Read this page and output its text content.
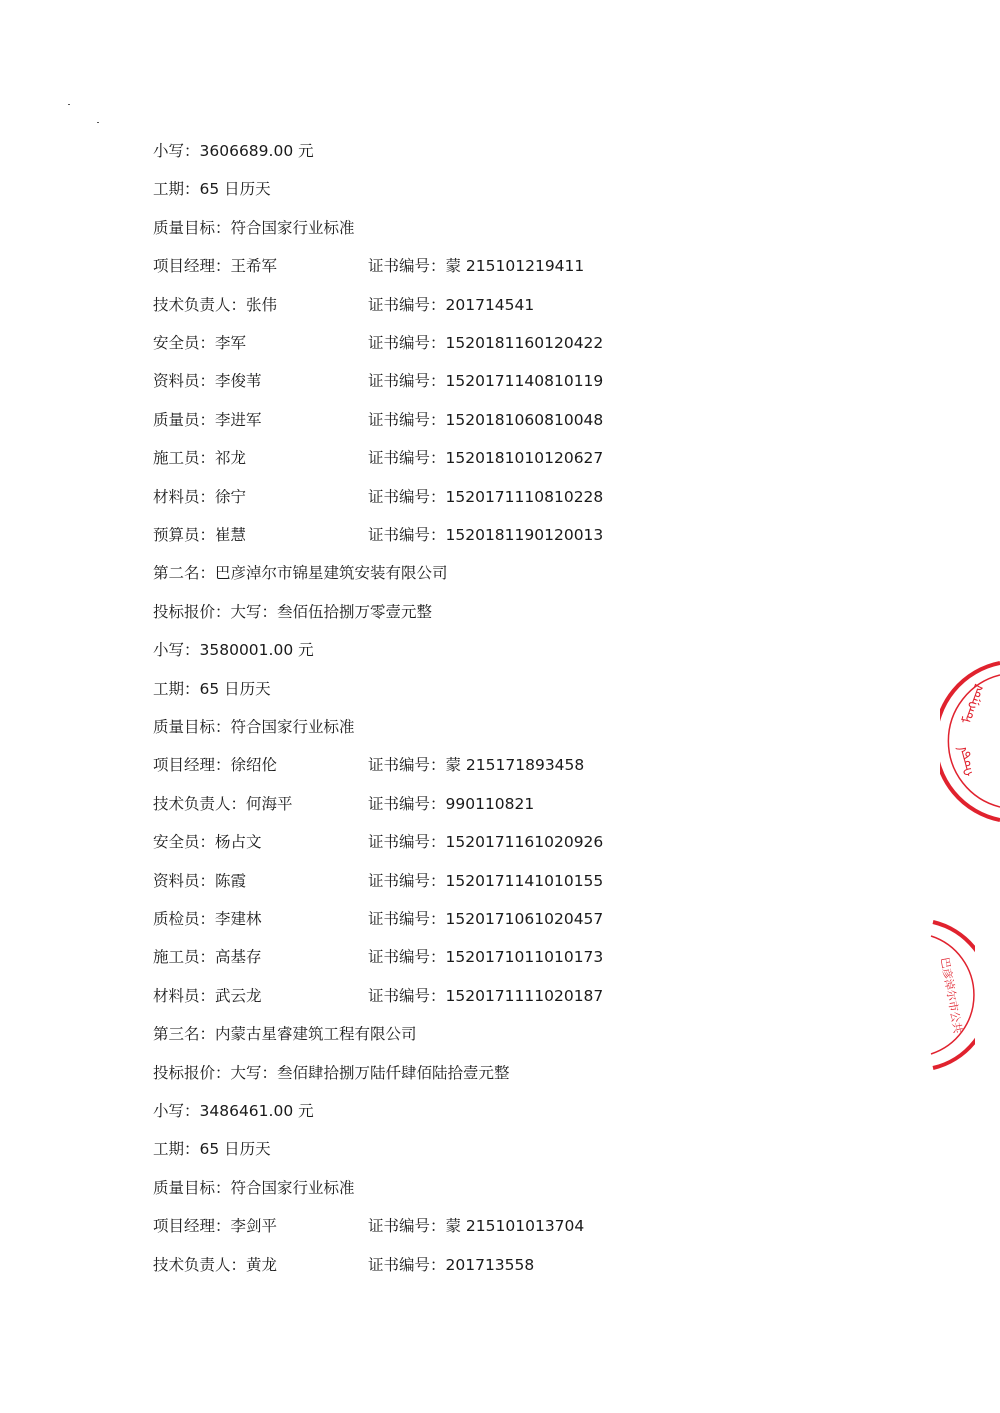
小写：3606689.00 元
工期：65 日历天
质量目标：符合国家行业标准
项目经理：王希军	证书编号：蒙 215101219411
技术负责人：张伟	证书编号：201714541
安全员：李军	证书编号：1520181160120422
资料员：李俊苇	证书编号：1520171140810119
质量员：李进军	证书编号：1520181060810048
施工员：祁龙	证书编号：1520181010120627
材料员：徐宁	证书编号：1520171110810228
预算员：崔慧	证书编号：1520181190120013
第二名：巴彦淖尔市锦星建筑安装有限公司
投标报价：大写：叁佰伍拾捌万零壹元整
小写：3580001.00 元
工期：65 日历天
质量目标：符合国家行业标准
项目经理：徐绍伦	证书编号：蒙 215171893458
技术负责人：何海平	证书编号：990110821
安全员：杨占文	证书编号：1520171161020926
资料员：陈霞	证书编号：1520171141010155
质检员：李建林	证书编号：1520171061020457
施工员：高基存	证书编号：1520171011010173
材料员：武云龙	证书编号：1520171111020187
第三名：内蒙古星睿建筑工程有限公司
投标报价：大写：叁佰肆拾捌万陆仟肆佰陆拾壹元整
小写：3486461.00 元
工期：65 日历天
质量目标：符合国家行业标准
项目经理：李剑平	证书编号：蒙 215101013704
技术负责人：黄龙	证书编号：201713558
ᠮᠣᠩᠭᠣᠯ
ᠬᠣᠲᠠ
巴彦淖尔市公共
